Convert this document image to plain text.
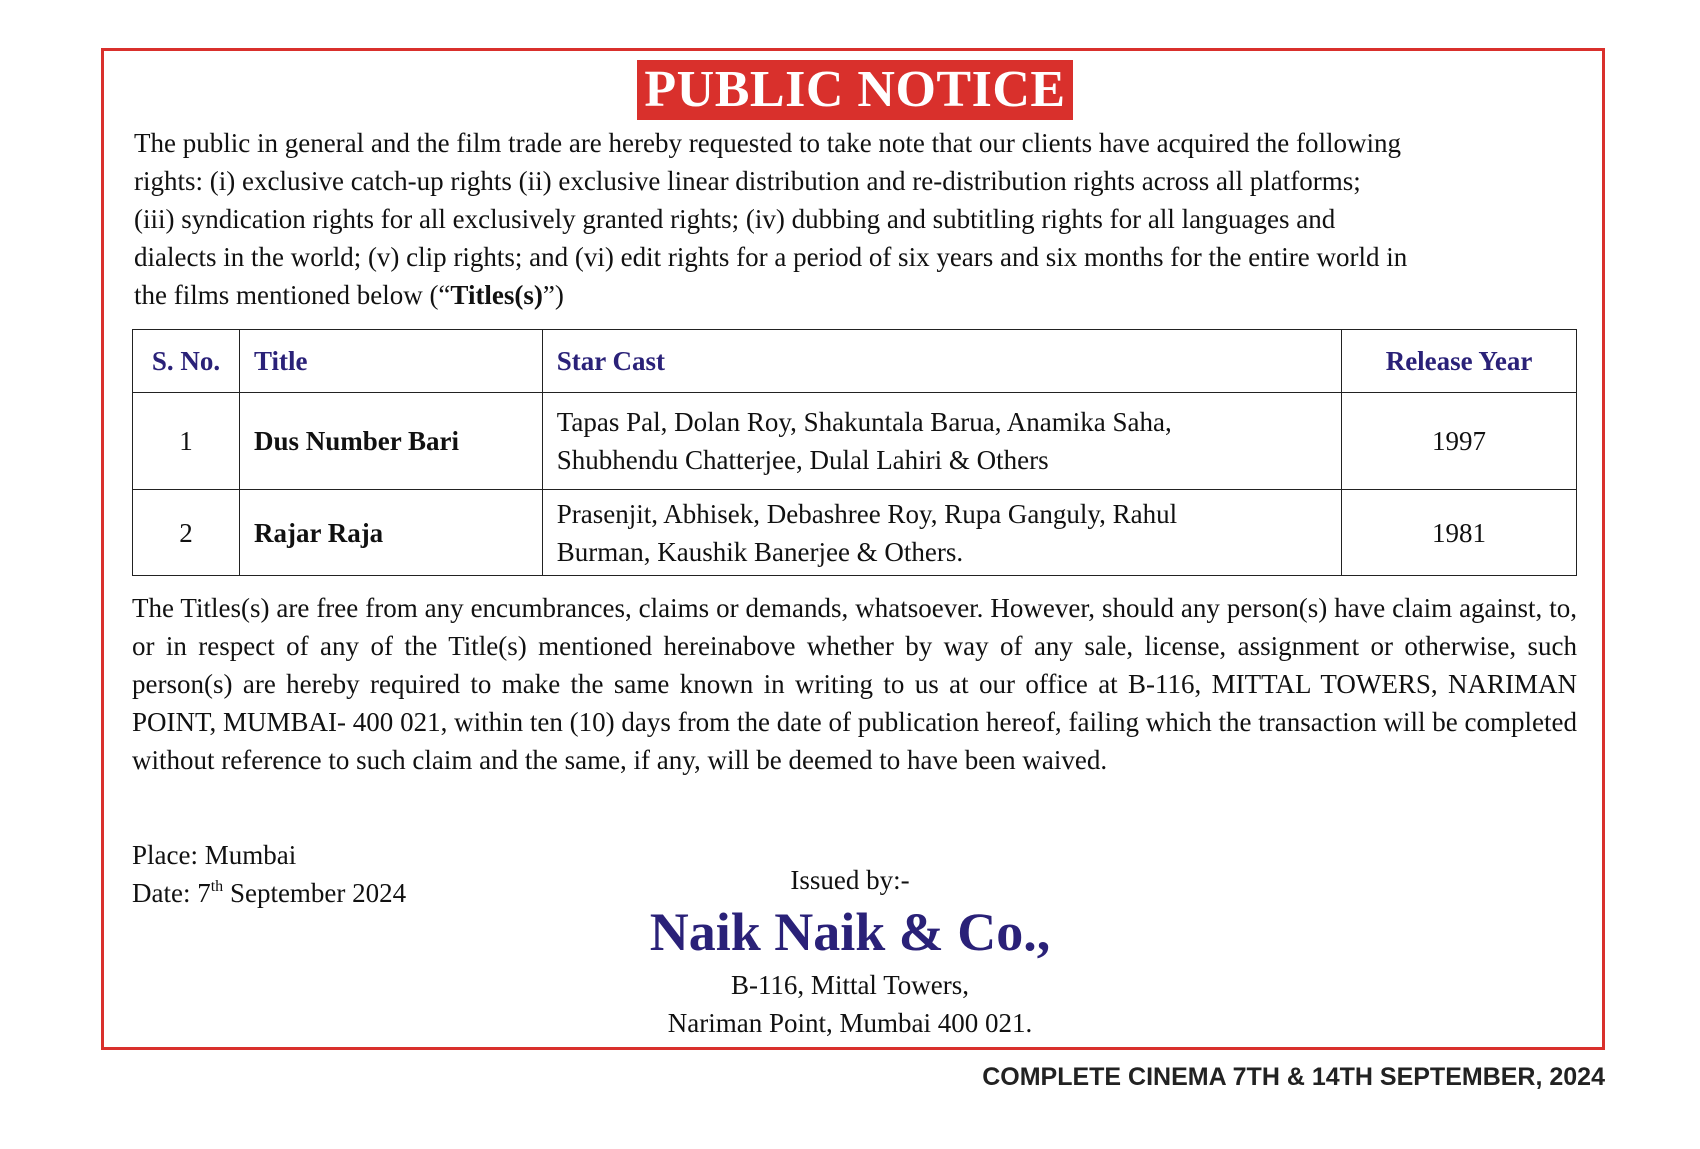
PUBLIC NOTICE
The public in general and the film trade are hereby requested to take note that our clients have acquired the following
rights: (i) exclusive catch-up rights (ii) exclusive linear distribution and re-distribution rights across all platforms;
(iii) syndication rights for all exclusively granted rights; (iv) dubbing and subtitling rights for all languages and
dialects in the world; (v) clip rights; and (vi) edit rights for a period of six years and six months for the entire world in
the films mentioned below (“Titles(s)”)
S. No.	Title	Star Cast	Release Year
1	Dus Number Bari	Tapas Pal, Dolan Roy, Shakuntala Barua, Anamika Saha,
Shubhendu Chatterjee, Dulal Lahiri & Others	1997
2	Rajar Raja	Prasenjit, Abhisek, Debashree Roy, Rupa Ganguly, Rahul
Burman, Kaushik Banerjee & Others.	1981

The Titles(s) are free from any encumbrances, claims or demands, whatsoever. However, should any person(s) have claim against, to, or in respect of any of the Title(s) mentioned hereinabove whether by way of any sale, license, assignment or otherwise, such person(s) are hereby required to make the same known in writing to us at our office at B-116, MITTAL TOWERS, NARIMAN POINT, MUMBAI- 400 021, within ten (10) days from the date of publication hereof, failing which the transaction will be completed without reference to such claim and the same, if any, will be deemed to have been waived.

Place: Mumbai
Date: 7th September 2024	Issued by:-
Naik Naik & Co.,
B-116, Mittal Towers,
Nariman Point, Mumbai 400 021.
COMPLETE CINEMA 7TH & 14TH SEPTEMBER, 2024
